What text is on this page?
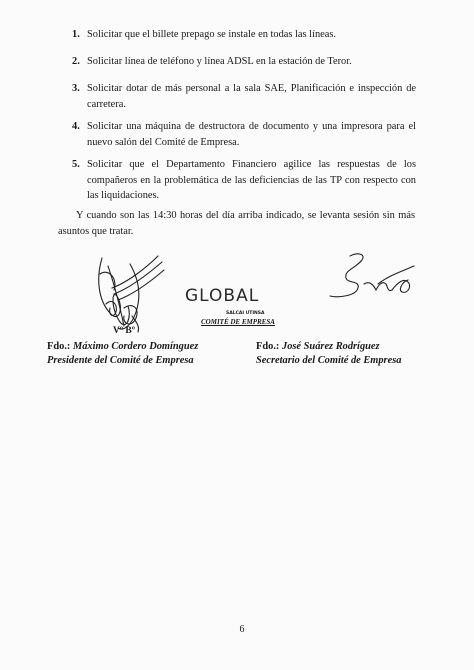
1. Solicitar que el billete prepago se instale en todas las líneas.
2. Solicitar línea de teléfono y línea ADSL en la estación de Teror.
3. Solicitar dotar de más personal a la sala SAE, Planificación e inspección de carretera.
4. Solicitar una máquina de destructora de documento y una impresora para el nuevo salón del Comité de Empresa.
5. Solicitar que el Departamento Financiero agilice las respuestas de los compañeros en la problemática de las deficiencias de las TP con respecto con las liquidaciones.
Y cuando son las 14:30 horas del día arriba indicado, se levanta sesión sin más asuntos que tratar.
Vº Bº
GLOBAL
SALCAI UTINSA
COMITÉ DE EMPRESA
Fdo.: Máximo Cordero Domínguez
Presidente del Comité de Empresa
Fdo.: José Suárez Rodríguez
Secretario del Comité de Empresa
6
